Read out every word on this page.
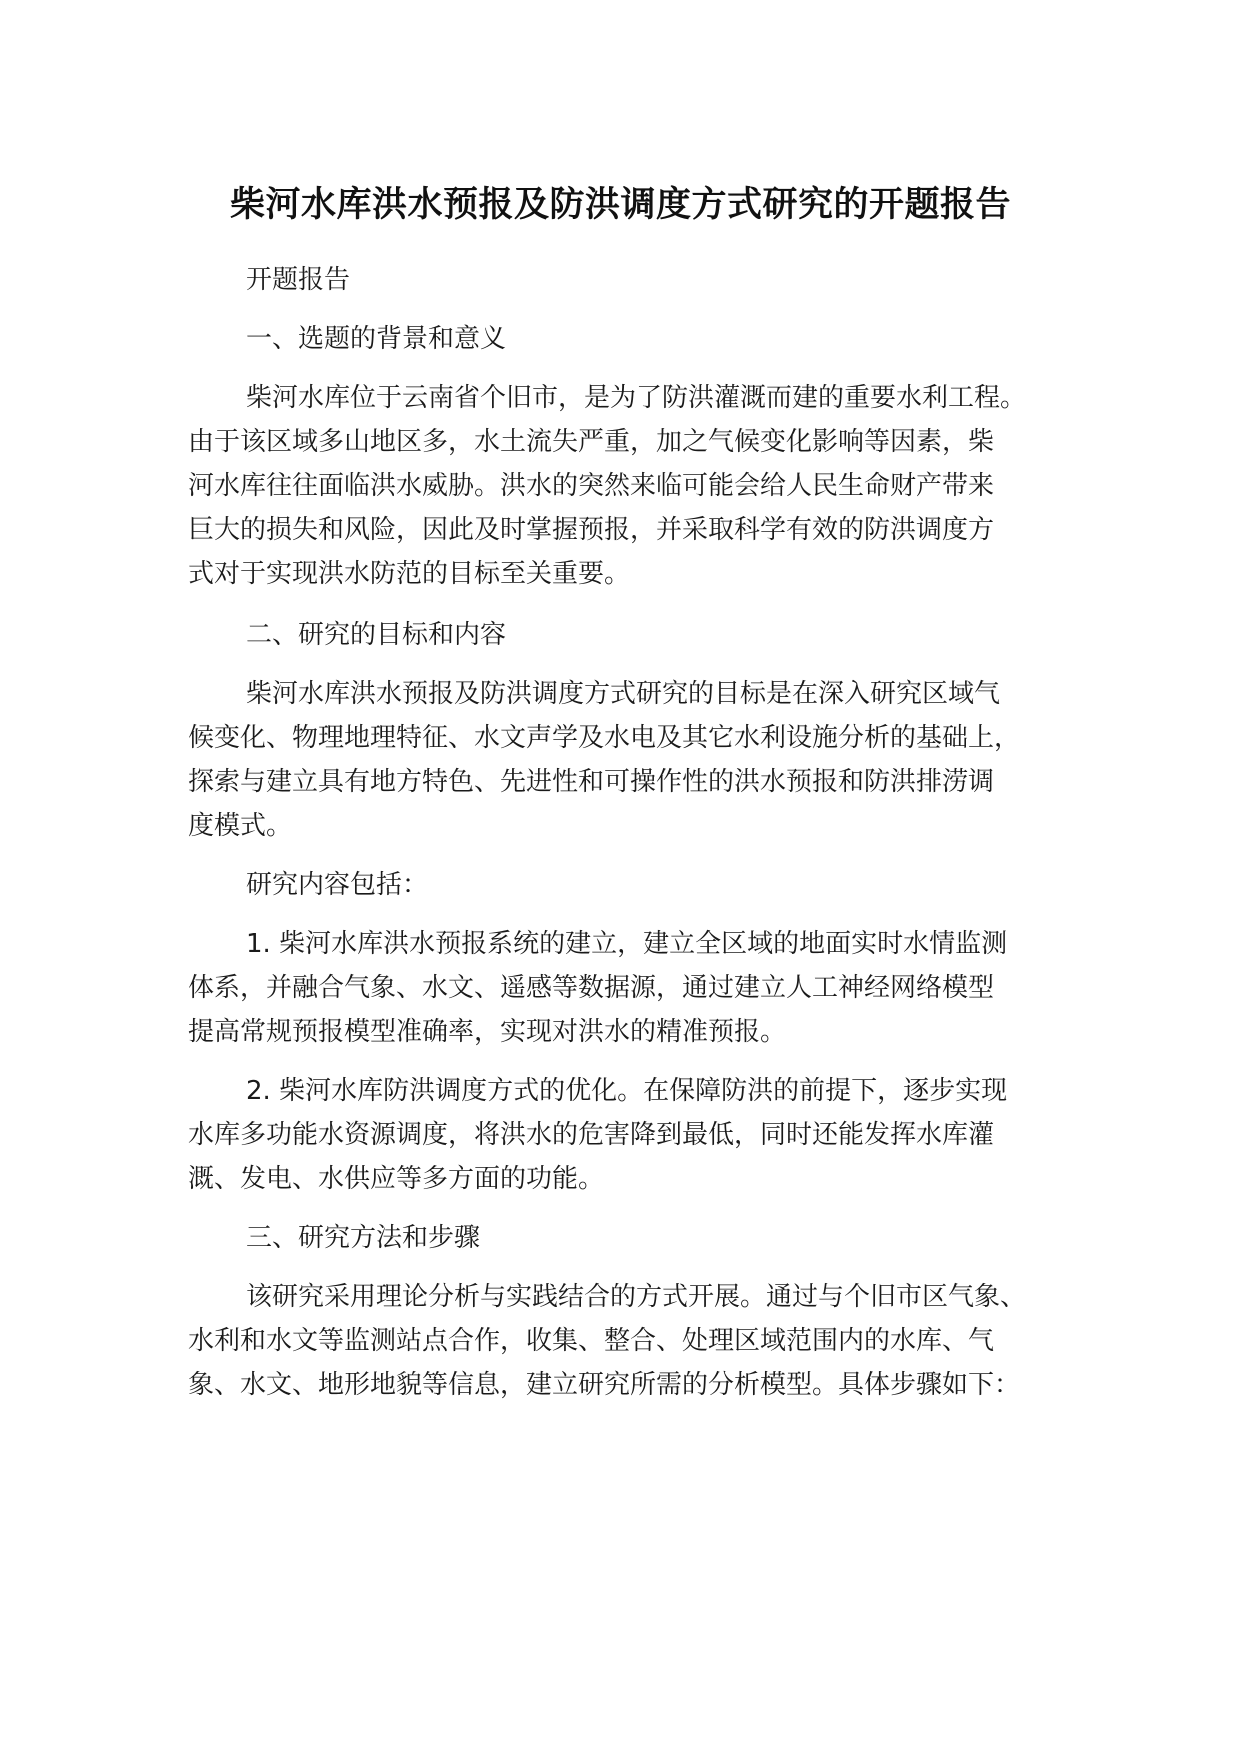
柴河水库洪水预报及防洪调度方式研究的开题报告
开题报告
一、选题的背景和意义
柴河水库位于云南省个旧市，是为了防洪灌溉而建的重要水利工程。
由于该区域多山地区多，水土流失严重，加之气候变化影响等因素，柴
河水库往往面临洪水威胁。洪水的突然来临可能会给人民生命财产带来
巨大的损失和风险，因此及时掌握预报，并采取科学有效的防洪调度方
式对于实现洪水防范的目标至关重要。
二、研究的目标和内容
柴河水库洪水预报及防洪调度方式研究的目标是在深入研究区域气
候变化、物理地理特征、水文声学及水电及其它水利设施分析的基础上，
探索与建立具有地方特色、先进性和可操作性的洪水预报和防洪排涝调
度模式。
研究内容包括：
1. 柴河水库洪水预报系统的建立，建立全区域的地面实时水情监测
体系，并融合气象、水文、遥感等数据源，通过建立人工神经网络模型
提高常规预报模型准确率，实现对洪水的精准预报。
2. 柴河水库防洪调度方式的优化。在保障防洪的前提下，逐步实现
水库多功能水资源调度，将洪水的危害降到最低，同时还能发挥水库灌
溉、发电、水供应等多方面的功能。
三、研究方法和步骤
该研究采用理论分析与实践结合的方式开展。通过与个旧市区气象、
水利和水文等监测站点合作，收集、整合、处理区域范围内的水库、气
象、水文、地形地貌等信息，建立研究所需的分析模型。具体步骤如下：
